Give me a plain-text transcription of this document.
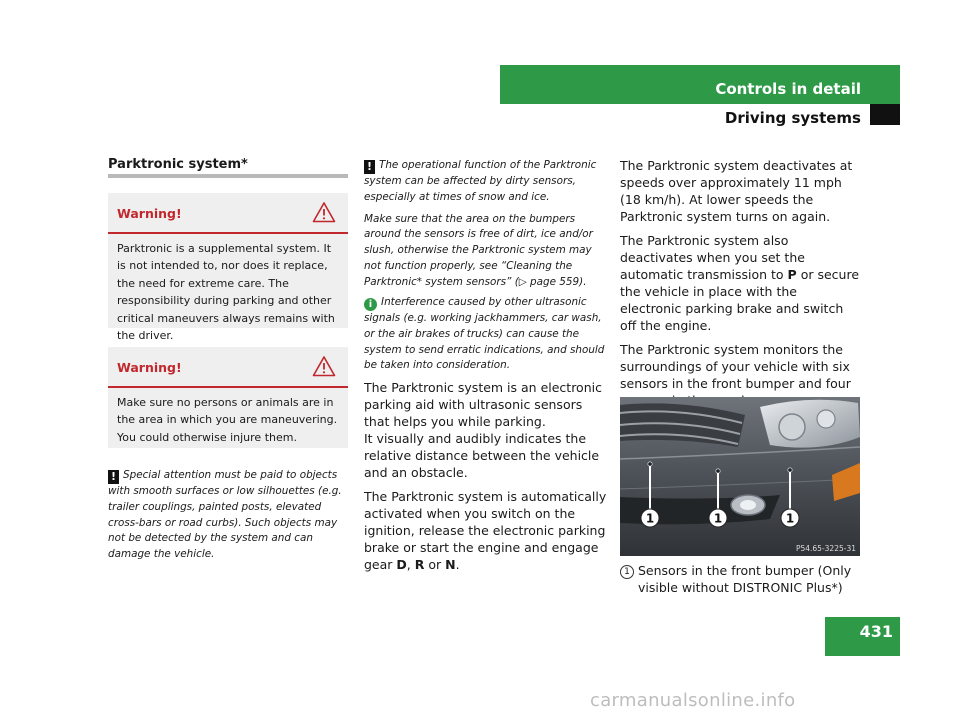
Controls in detail
Driving systems
Parktronic system*
Warning!
Parktronic is a supplemental system. It is not intended to, nor does it replace, the need for extreme care. The responsibility during parking and other critical maneuvers always remains with the driver.
Warning!
Make sure no persons or animals are in the area in which you are maneuvering. You could otherwise injure them.
! Special attention must be paid to objects with smooth surfaces or low silhouettes (e.g. trailer couplings, painted posts, elevated cross-bars or road curbs). Such objects may not be detected by the system and can damage the vehicle.

! The operational function of the Parktronic system can be affected by dirty sensors, especially at times of snow and ice.

Make sure that the area on the bumpers around the sensors is free of dirt, ice and/or slush, otherwise the Parktronic system may not function properly, see “Cleaning the Parktronic* system sensors” (▷ page 559).

i Interference caused by other ultrasonic signals (e.g. working jackhammers, car wash, or the air brakes of trucks) can cause the system to send erratic indications, and should be taken into consideration.

The Parktronic system is an electronic parking aid with ultrasonic sensors that helps you while parking.
It visually and audibly indicates the relative distance between the vehicle and an obstacle.

The Parktronic system is automatically activated when you switch on the ignition, release the electronic parking brake or start the engine and engage gear D, R or N.

The Parktronic system deactivates at speeds over approximately 11 mph (18 km/h). At lower speeds the Parktronic system turns on again.

The Parktronic system also deactivates when you set the automatic transmission to P or secure the vehicle in place with the electronic parking brake and switch off the engine.

The Parktronic system monitors the surroundings of your vehicle with six sensors in the front bumper and four

1	1	1
P54.65-3225-31
1 Sensors in the front bumper (Only visible without DISTRONIC Plus*)
431
carmanualsonline.info
